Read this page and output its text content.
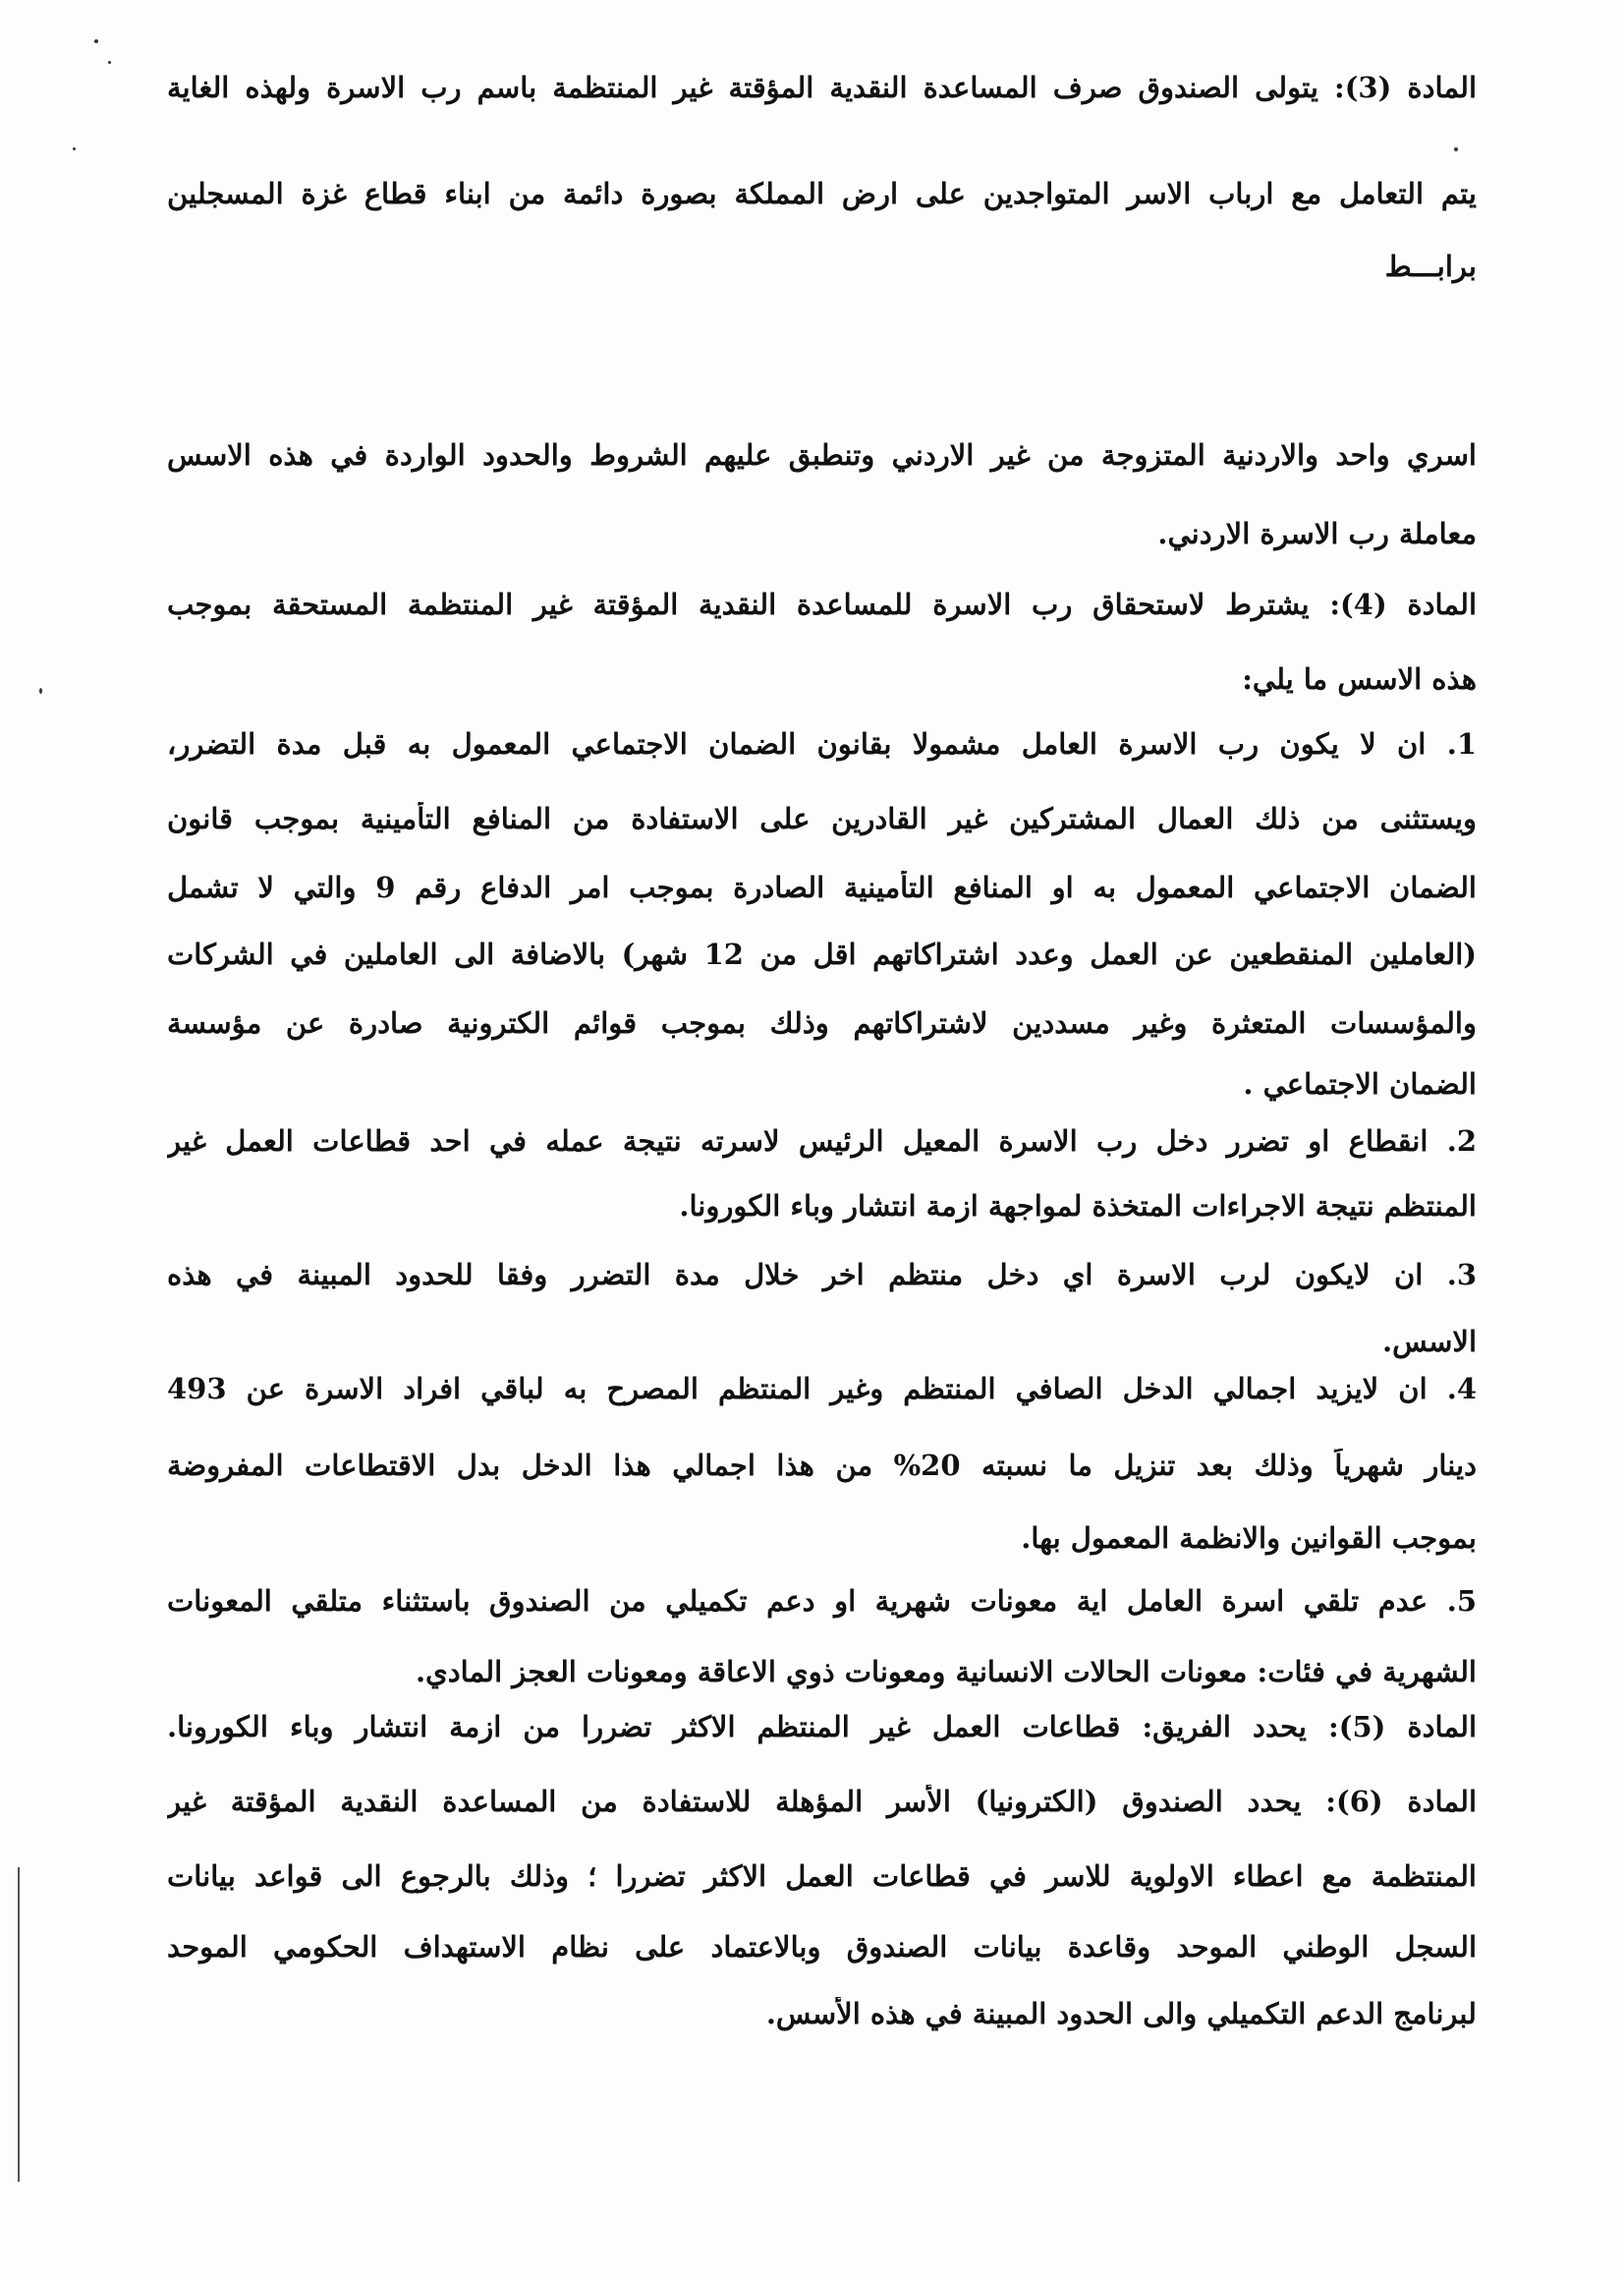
المادة (3): يتولى الصندوق صرف المساعدة النقدية المؤقتة غير المنتظمة باسم رب الاسرة ولهذه الغاية
يتم التعامل مع ارباب الاسر المتواجدين على ارض المملكة بصورة دائمة من ابناء قطاع غزة المسجلين
برابـــط
اسري واحد والاردنية المتزوجة من غير الاردني وتنطبق عليهم الشروط والحدود الواردة في هذه الاسس
معاملة رب الاسرة الاردني.
المادة (4): يشترط لاستحقاق رب الاسرة للمساعدة النقدية المؤقتة غير المنتظمة المستحقة بموجب
هذه الاسس ما يلي:
1. ان لا يكون رب الاسرة العامل مشمولا بقانون الضمان الاجتماعي المعمول به قبل مدة التضرر،
ويستثنى من ذلك العمال المشتركين غير القادرين على الاستفادة من المنافع التأمينية بموجب قانون
الضمان الاجتماعي المعمول به او المنافع التأمينية الصادرة بموجب امر الدفاع رقم 9 والتي لا تشمل
(العاملين المنقطعين عن العمل وعدد اشتراكاتهم اقل من 12 شهر) بالاضافة الى العاملين في الشركات
والمؤسسات المتعثرة وغير مسددين لاشتراكاتهم وذلك بموجب قوائم الكترونية صادرة عن مؤسسة
الضمان الاجتماعي .
2. انقطاع او تضرر دخل رب الاسرة المعيل الرئيس لاسرته نتيجة عمله في احد قطاعات العمل غير
المنتظم نتيجة الاجراءات المتخذة لمواجهة ازمة انتشار وباء الكورونا.
3. ان لايكون لرب الاسرة اي دخل منتظم اخر خلال مدة التضرر وفقا للحدود المبينة في هذه
الاسس.
4. ان لايزيد اجمالي الدخل الصافي المنتظم وغير المنتظم المصرح به لباقي افراد الاسرة عن 493
دينار شهرياً وذلك بعد تنزيل ما نسبته 20% من هذا اجمالي هذا الدخل بدل الاقتطاعات المفروضة
بموجب القوانين والانظمة المعمول بها.
5. عدم تلقي اسرة العامل اية معونات شهرية او دعم تكميلي من الصندوق باستثناء متلقي المعونات
الشهرية في فئات: معونات الحالات الانسانية ومعونات ذوي الاعاقة ومعونات العجز المادي.
المادة (5): يحدد الفريق: قطاعات العمل غير المنتظم الاكثر تضررا من ازمة انتشار وباء الكورونا.
المادة (6): يحدد الصندوق (الكترونيا) الأسر المؤهلة للاستفادة من المساعدة النقدية المؤقتة غير
المنتظمة مع اعطاء الاولوية للاسر في قطاعات العمل الاكثر تضررا ؛ وذلك بالرجوع الى قواعد بيانات
السجل الوطني الموحد وقاعدة بيانات الصندوق وبالاعتماد على نظام الاستهداف الحكومي الموحد
لبرنامج الدعم التكميلي والى الحدود المبينة في هذه الأسس.
